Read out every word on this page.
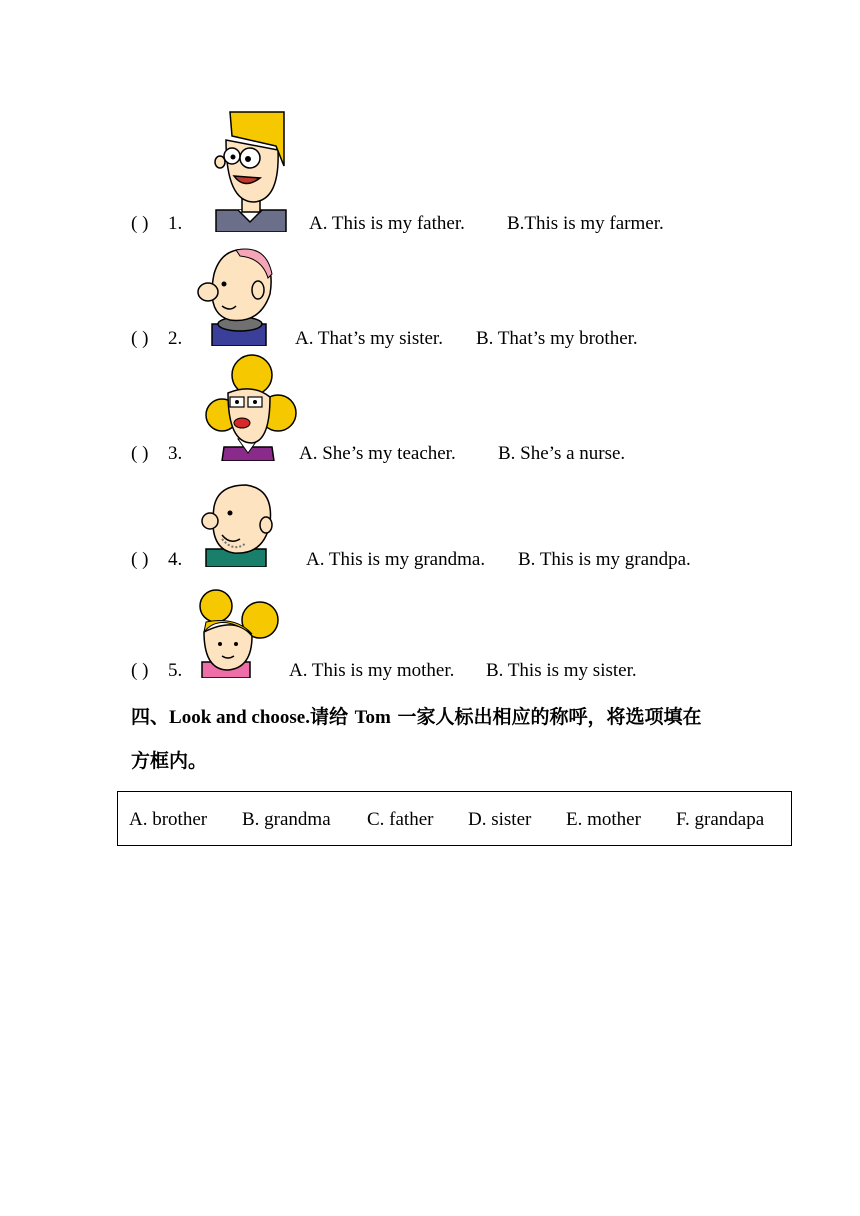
( ) 1.	A. This is my father. B.This is my farmer.
( ) 2.	A. That’s my sister. B. That’s my brother.
( ) 3.	A. She’s my teacher. B. She’s a nurse.
( ) 4.	A. This is my grandma. B. This is my grandpa.
( ) 5.	A. This is my mother. B. This is my sister.
四、Look and choose.请给 Tom 一家人标出相应的称呼，将选项填在
方框内。
A. brother B. grandma C. father D. sister E. mother F. grandapa
